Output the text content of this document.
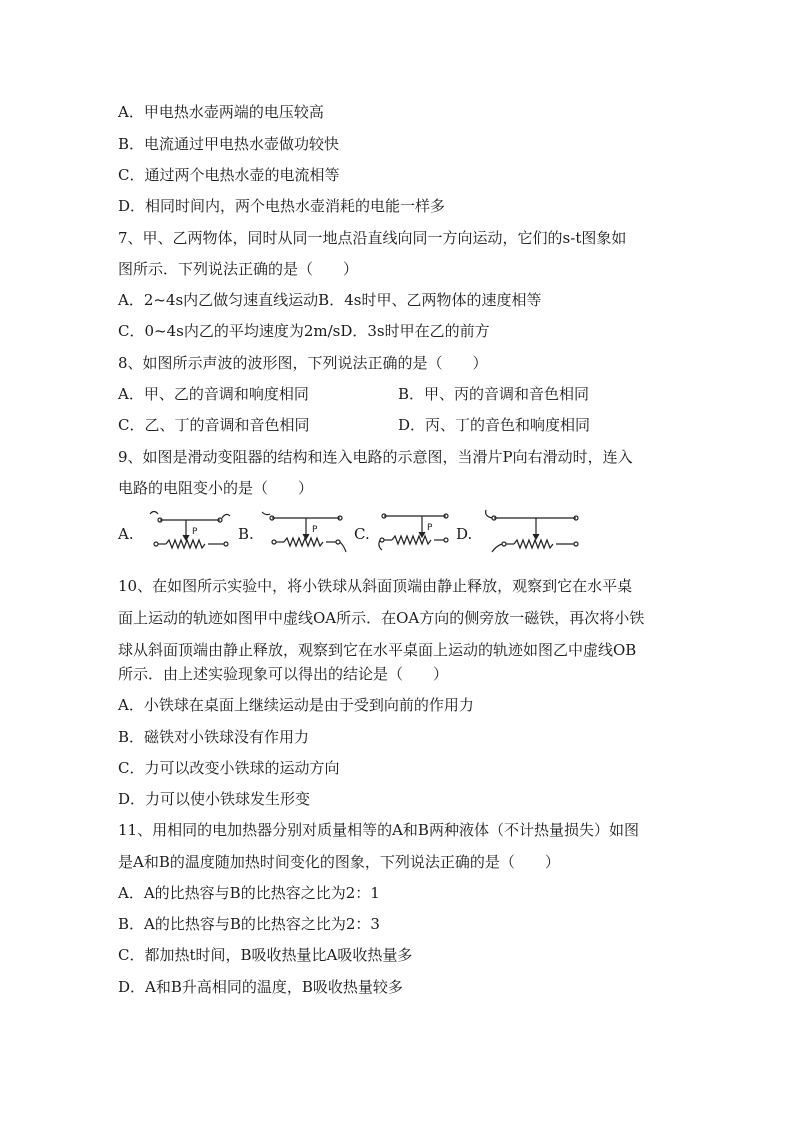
A．甲电热水壶两端的电压较高
B．电流通过甲电热水壶做功较快
C．通过两个电热水壶的电流相等
D．相同时间内，两个电热水壶消耗的电能一样多
7、甲、乙两物体，同时从同一地点沿直线向同一方向运动，它们的s-t图象如
图所示．下列说法正确的是（　　）
A．2~4s内乙做匀速直线运动B．4s时甲、乙两物体的速度相等
C．0~4s内乙的平均速度为2m/sD．3s时甲在乙的前方
8、如图所示声波的波形图，下列说法正确的是（　　）
A．甲、乙的音调和响度相同	B．甲、丙的音调和音色相同
C．乙、丁的音调和音色相同	D．丙、丁的音色和响度相同
9、如图是滑动变阻器的结构和连入电路的示意图，当滑片P向右滑动时，连入
电路的电阻变小的是（　　）
A.	B.	C.	D.
P	P	P
10、在如图所示实验中，将小铁球从斜面顶端由静止释放，观察到它在水平桌
面上运动的轨迹如图甲中虚线OA所示．在OA方向的侧旁放一磁铁，再次将小铁
球从斜面顶端由静止释放，观察到它在水平桌面上运动的轨迹如图乙中虚线OB
所示．由上述实验现象可以得出的结论是（　　）
A．小铁球在桌面上继续运动是由于受到向前的作用力
B．磁铁对小铁球没有作用力
C．力可以改变小铁球的运动方向
D．力可以使小铁球发生形变
11、用相同的电加热器分别对质量相等的A和B两种液体（不计热量损失）如图
是A和B的温度随加热时间变化的图象，下列说法正确的是（　　）
A．A的比热容与B的比热容之比为2：1
B．A的比热容与B的比热容之比为2：3
C．都加热t时间，B吸收热量比A吸收热量多
D．A和B升高相同的温度，B吸收热量较多
